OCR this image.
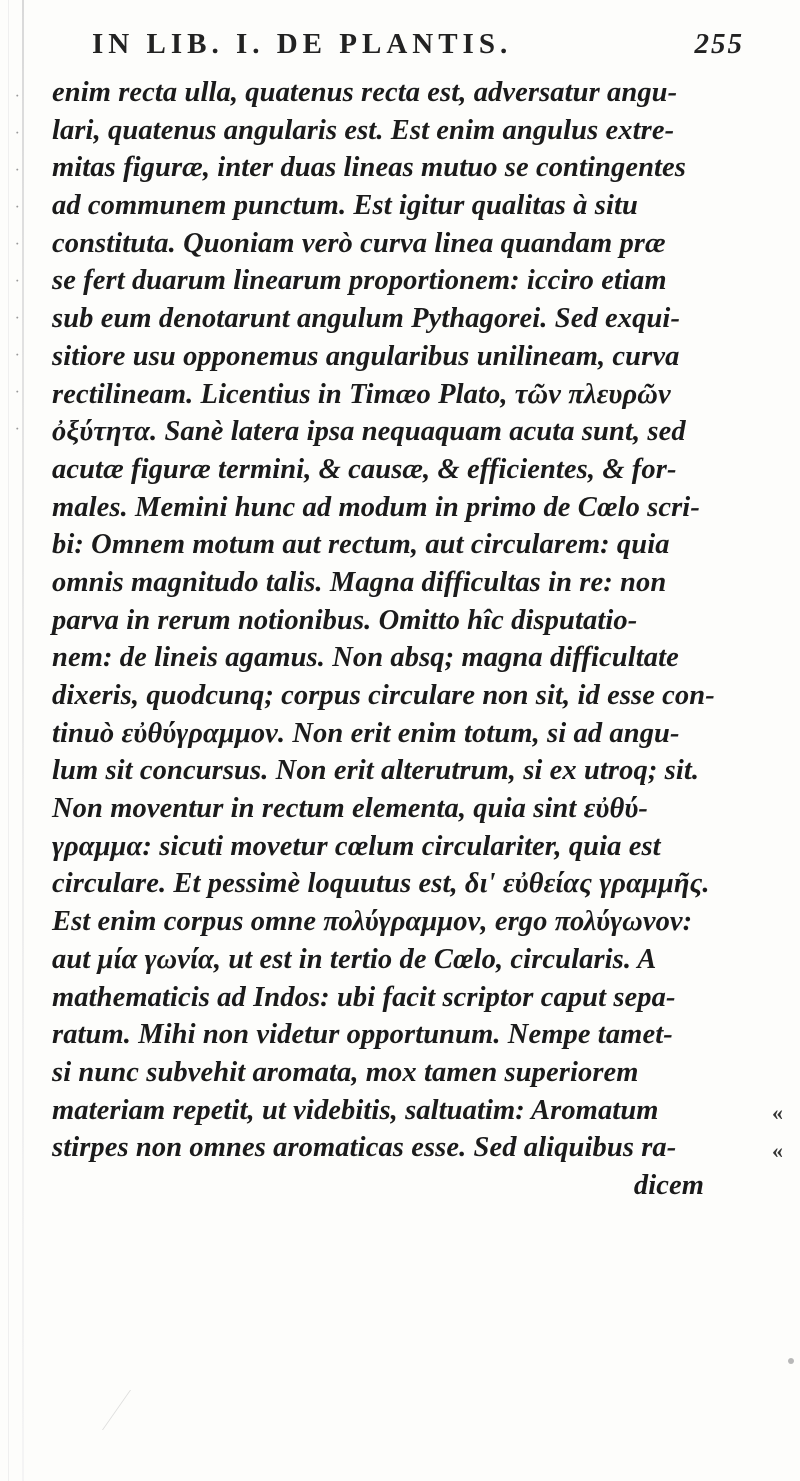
·
·
·
·
·
·
·
·
·
·
IN LIB. I. DE PLANTIS.	255
enim recta ulla, quatenus recta est, adversatur angu-
lari, quatenus angularis est. Est enim angulus extre-
mitas figuræ, inter duas lineas mutuo se contingentes
ad communem punctum. Est igitur qualitas à situ
constituta. Quoniam verò curva linea quandam præ
se fert duarum linearum proportionem: icciro etiam
sub eum denotarunt angulum Pythagorei. Sed exqui-
sitiore usu opponemus angularibus unilineam, curva
rectilineam. Licentius in Timæo Plato, τῶν πλευρῶν
ὀξύτητα. Sanè latera ipsa nequaquam acuta sunt, sed
acutæ figuræ termini, & causæ, & efficientes, & for-
males. Memini hunc ad modum in primo de Cœlo scri-
bi: Omnem motum aut rectum, aut circularem: quia
omnis magnitudo talis. Magna difficultas in re: non
parva in rerum notionibus. Omitto hîc disputatio-
nem: de lineis agamus. Non absq; magna difficultate
dixeris, quodcunq; corpus circulare non sit, id esse con-
tinuò εὐθύγραμμον. Non erit enim totum, si ad angu-
lum sit concursus. Non erit alterutrum, si ex utroq; sit.
Non moventur in rectum elementa, quia sint εὐθύ-
γραμμα: sicuti movetur cœlum circulariter, quia est
circulare. Et pessimè loquutus est, δι' εὐθείας γραμμῆς.
Est enim corpus omne πολύγραμμον, ergo πολύγωνον:
aut μία γωνία, ut est in tertio de Cœlo, circularis. A
mathematicis ad Indos: ubi facit scriptor caput sepa-
ratum. Mihi non videtur opportunum. Nempe tamet-
si nunc subvehit aromata, mox tamen superiorem
materiam repetit, ut videbitis, saltuatim: Aromatum
stirpes non omnes aromaticas esse. Sed aliquibus ra-
dicem
«
«
